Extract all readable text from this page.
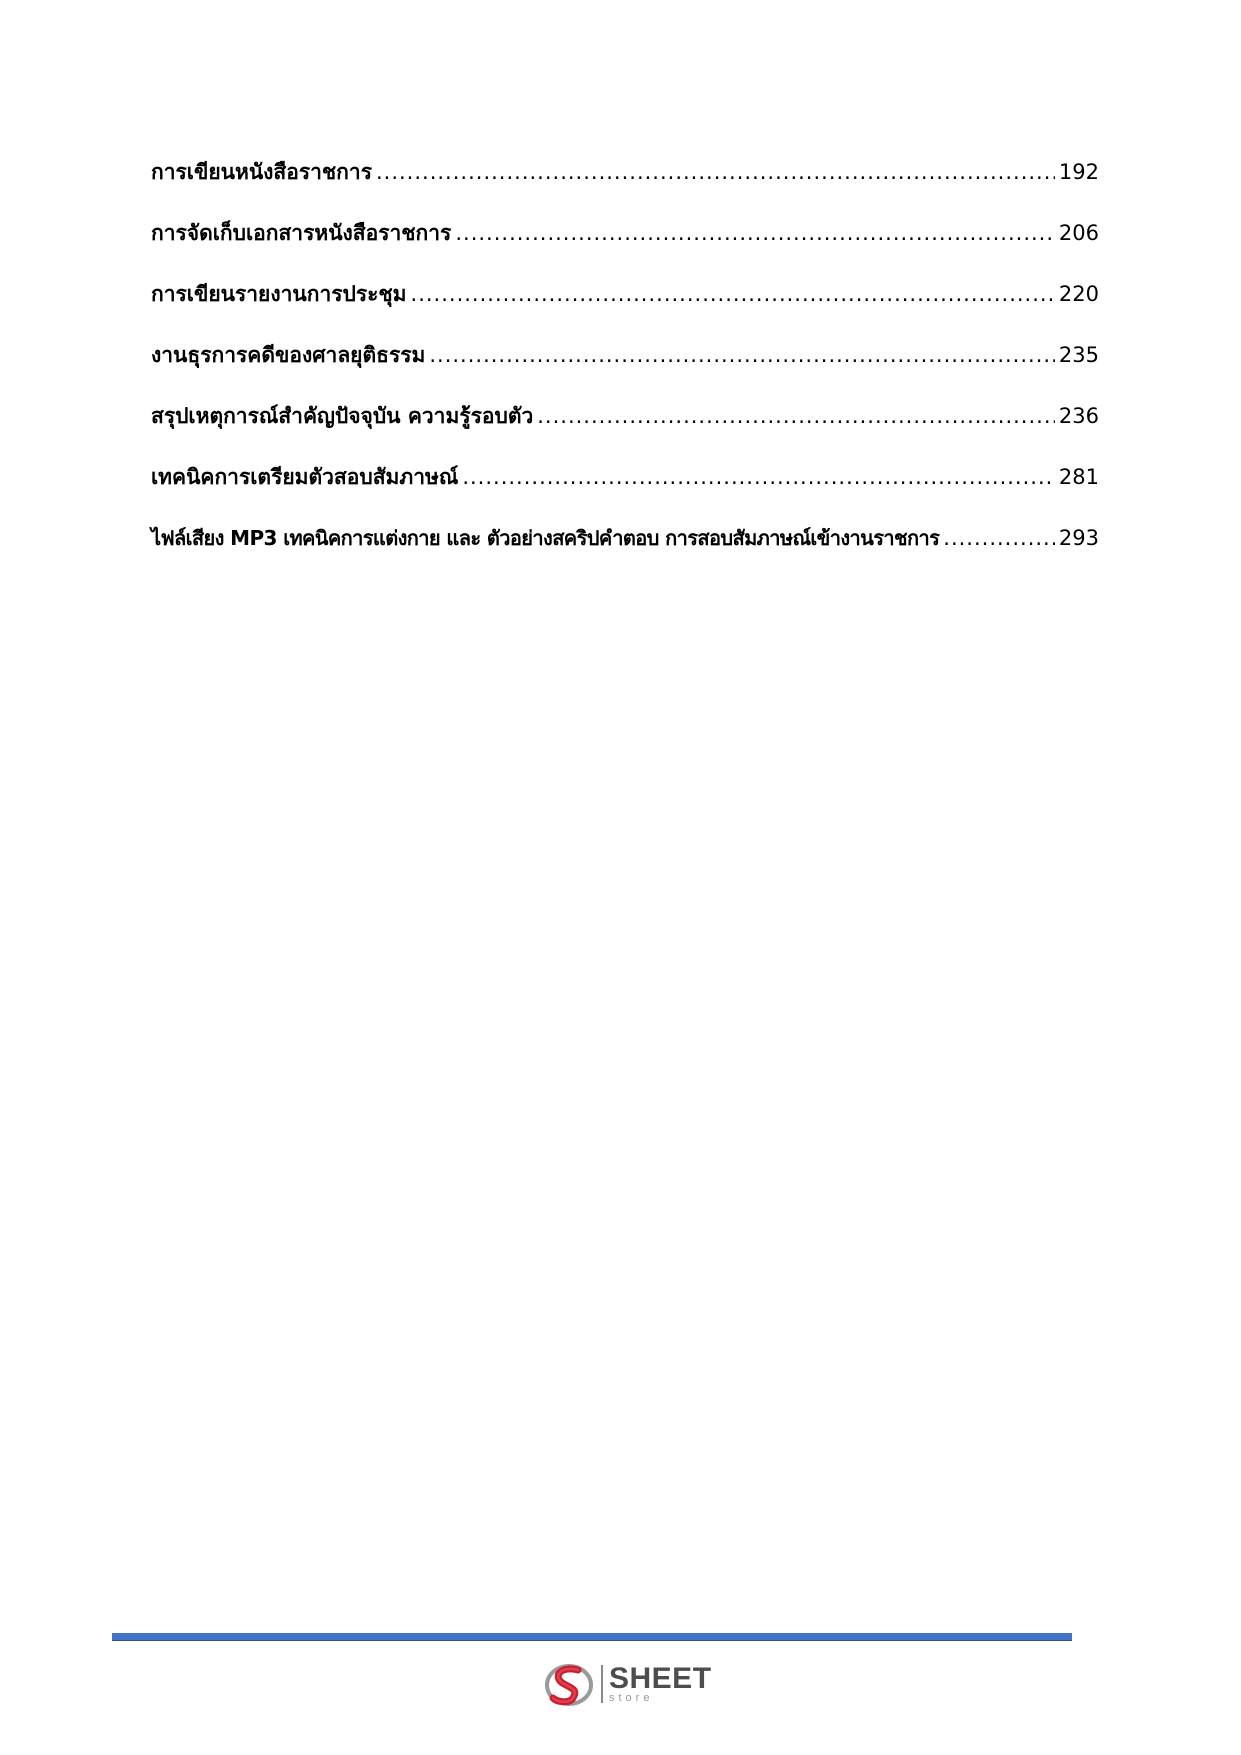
การเขียนหนังสือราชการ .....	192
การจัดเก็บเอกสารหนังสือราชการ .....	206
การเขียนรายงานการประชุม .....	220
งานธุรการคดีของศาลยุติธรรม .....	235
สรุปเหตุการณ์สำคัญปัจจุบัน ความรู้รอบตัว .....	236
เทคนิคการเตรียมตัวสอบสัมภาษณ์ .....	281
ไฟล์เสียง MP3 เทคนิคการแต่งกาย และ ตัวอย่างสคริปคำตอบ การสอบสัมภาษณ์เข้างานราชการ .....	293
SHEET
store
